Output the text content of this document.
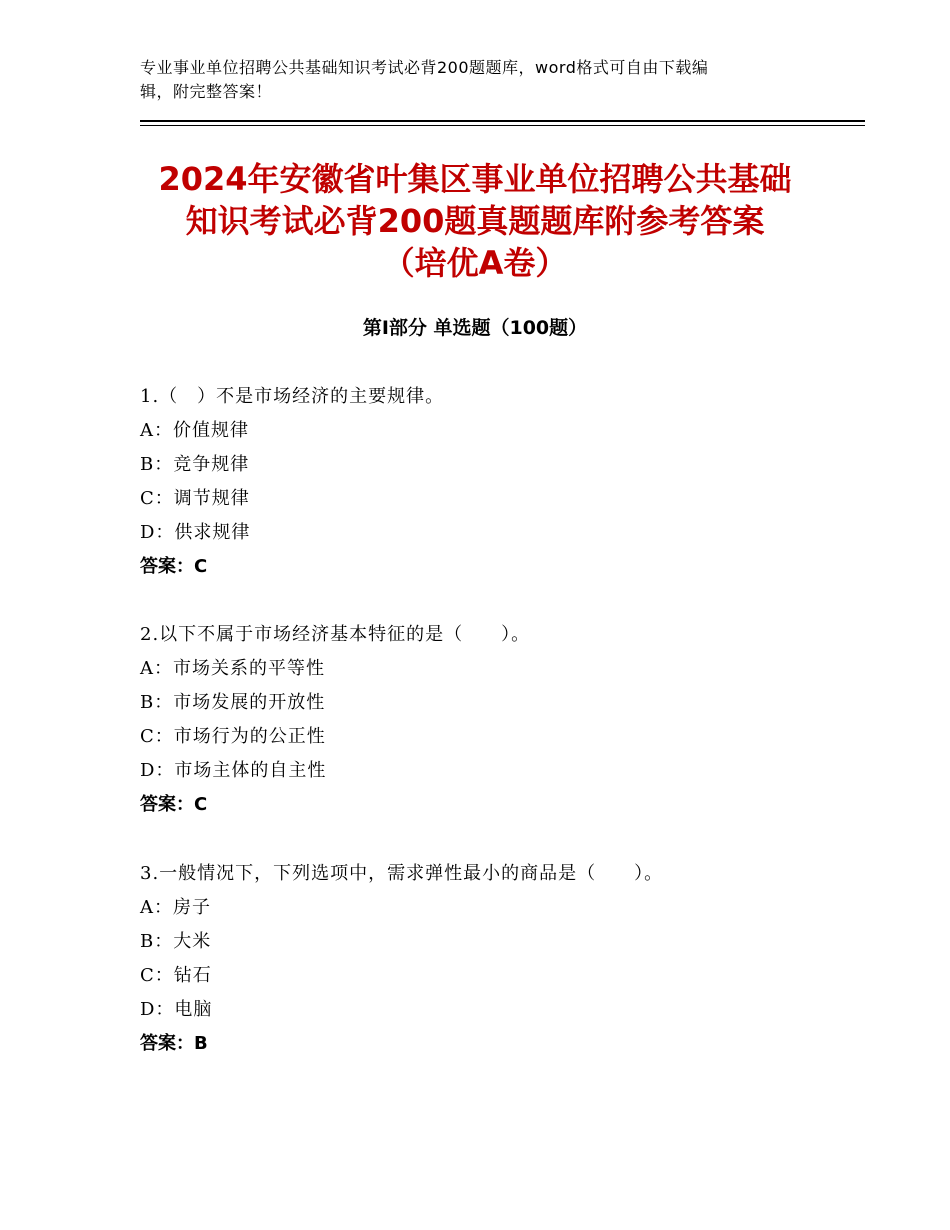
专业事业单位招聘公共基础知识考试必背200题题库，word格式可自由下载编
辑，附完整答案！
2024年安徽省叶集区事业单位招聘公共基础
知识考试必背200题真题题库附参考答案
（培优A卷）
第Ⅰ部分 单选题（100题）
1.（　）不是市场经济的主要规律。
A：价值规律
B：竞争规律
C：调节规律
D：供求规律
答案：C
2.以下不属于市场经济基本特征的是（　　）。
A：市场关系的平等性
B：市场发展的开放性
C：市场行为的公正性
D：市场主体的自主性
答案：C
3.一般情况下，下列选项中，需求弹性最小的商品是（　　）。
A：房子
B：大米
C：钻石
D：电脑
答案：B
